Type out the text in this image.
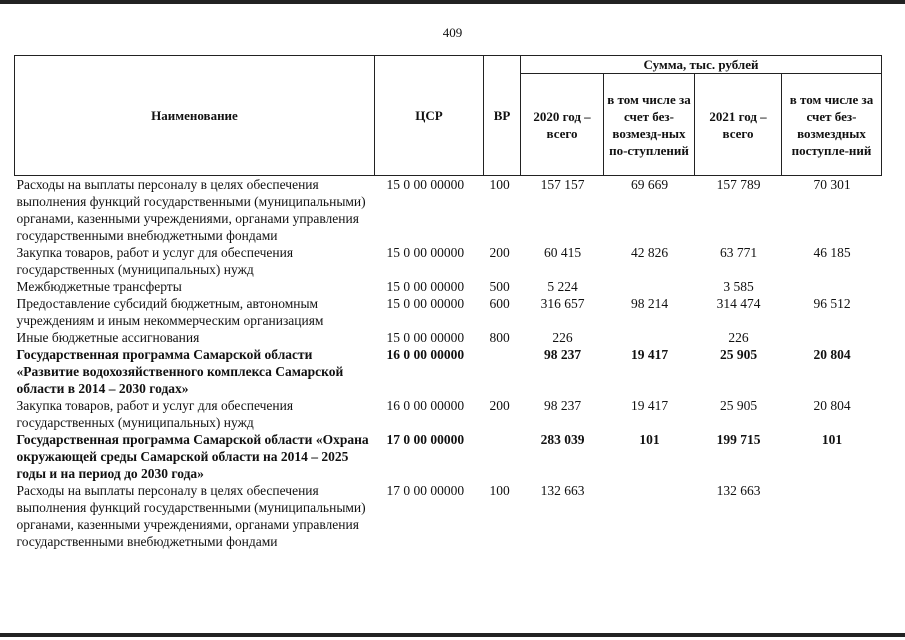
409
Наименование	ЦСР	ВР	Сумма, тыс. рублей			
			2020 год – всего	в том числе за счет без-возмезд-ных по-ступлений	2021 год – всего	в том числе за счет без-возмездных поступле-ний
Расходы на выплаты персоналу в целях обеспечения выполнения функций государственными (муниципальными) органами, казенными учреждениями, органами управления государственными внебюджетными фондами	15 0 00 00000	100	157 157	69 669	157 789	70 301
Закупка товаров, работ и услуг для обеспечения государственных (муниципальных) нужд	15 0 00 00000	200	60 415	42 826	63 771	46 185
Межбюджетные трансферты	15 0 00 00000	500	5 224		3 585	
Предоставление субсидий бюджетным, автономным учреждениям и иным некоммерческим организациям	15 0 00 00000	600	316 657	98 214	314 474	96 512
Иные бюджетные ассигнования	15 0 00 00000	800	226		226	
Государственная программа Самарской области «Развитие водохозяйственного комплекса Самарской области в 2014 – 2030 годах»	16 0 00 00000		98 237	19 417	25 905	20 804
Закупка товаров, работ и услуг для обеспечения государственных (муниципальных) нужд	16 0 00 00000	200	98 237	19 417	25 905	20 804
Государственная программа Самарской области «Охрана окружающей среды Самарской области на 2014 – 2025 годы и на период до 2030 года»	17 0 00 00000		283 039	101	199 715	101
Расходы на выплаты персоналу в целях обеспечения выполнения функций государственными (муниципальными) органами, казенными учреждениями, органами управления государственными внебюджетными фондами	17 0 00 00000	100	132 663		132 663	
